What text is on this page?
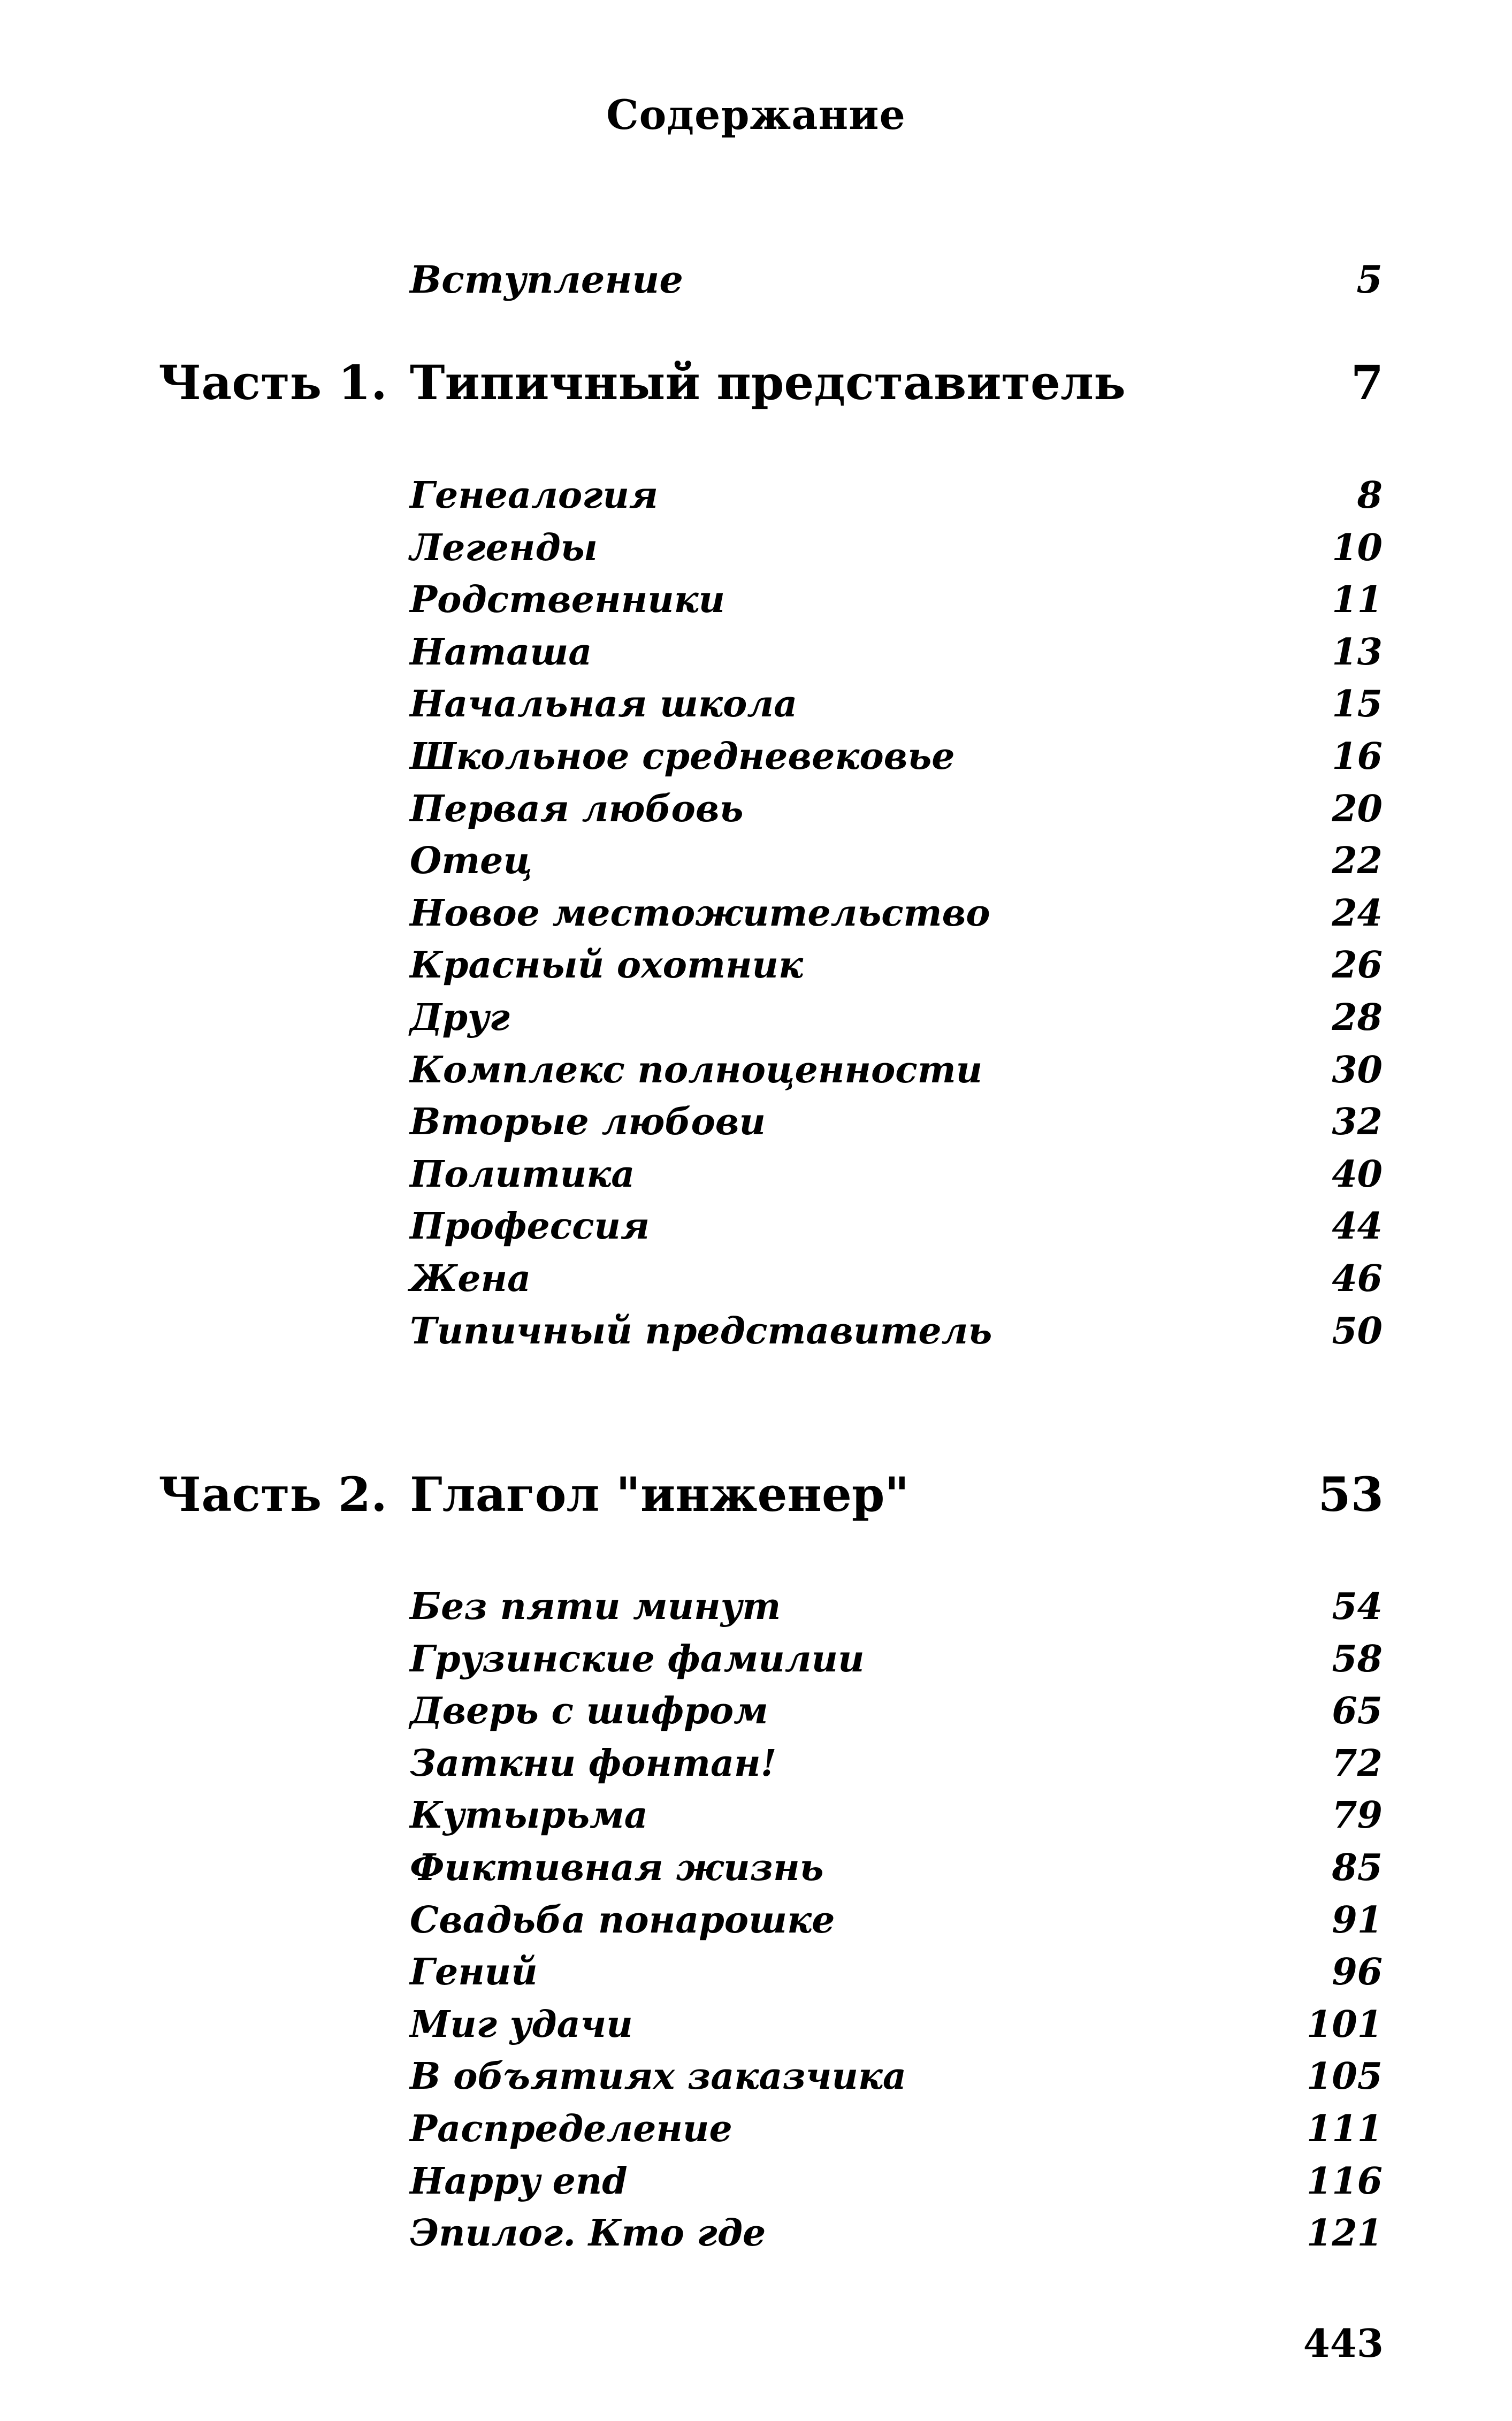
Содержание
Вступление	5
Часть 1. Типичный представитель	7
Генеалогия	8
Легенды	10
Родственники	11
Наташа	13
Начальная школа	15
Школьное средневековье	16
Первая любовь	20
Отец	22
Новое местожительство	24
Красный охотник	26
Друг	28
Комплекс полноценности	30
Вторые любови	32
Политика	40
Профессия	44
Жена	46
Типичный представитель	50
Часть 2. Глагол "инженер"	53
Без пяти минут	54
Грузинские фамилии	58
Дверь с шифром	65
Заткни фонтан!	72
Кутырьма	79
Фиктивная жизнь	85
Свадьба понарошке	91
Гений	96
Миг удачи	101
В объятиях заказчика	105
Распределение	111
Happy end	116
Эпилог. Кто где	121
443
